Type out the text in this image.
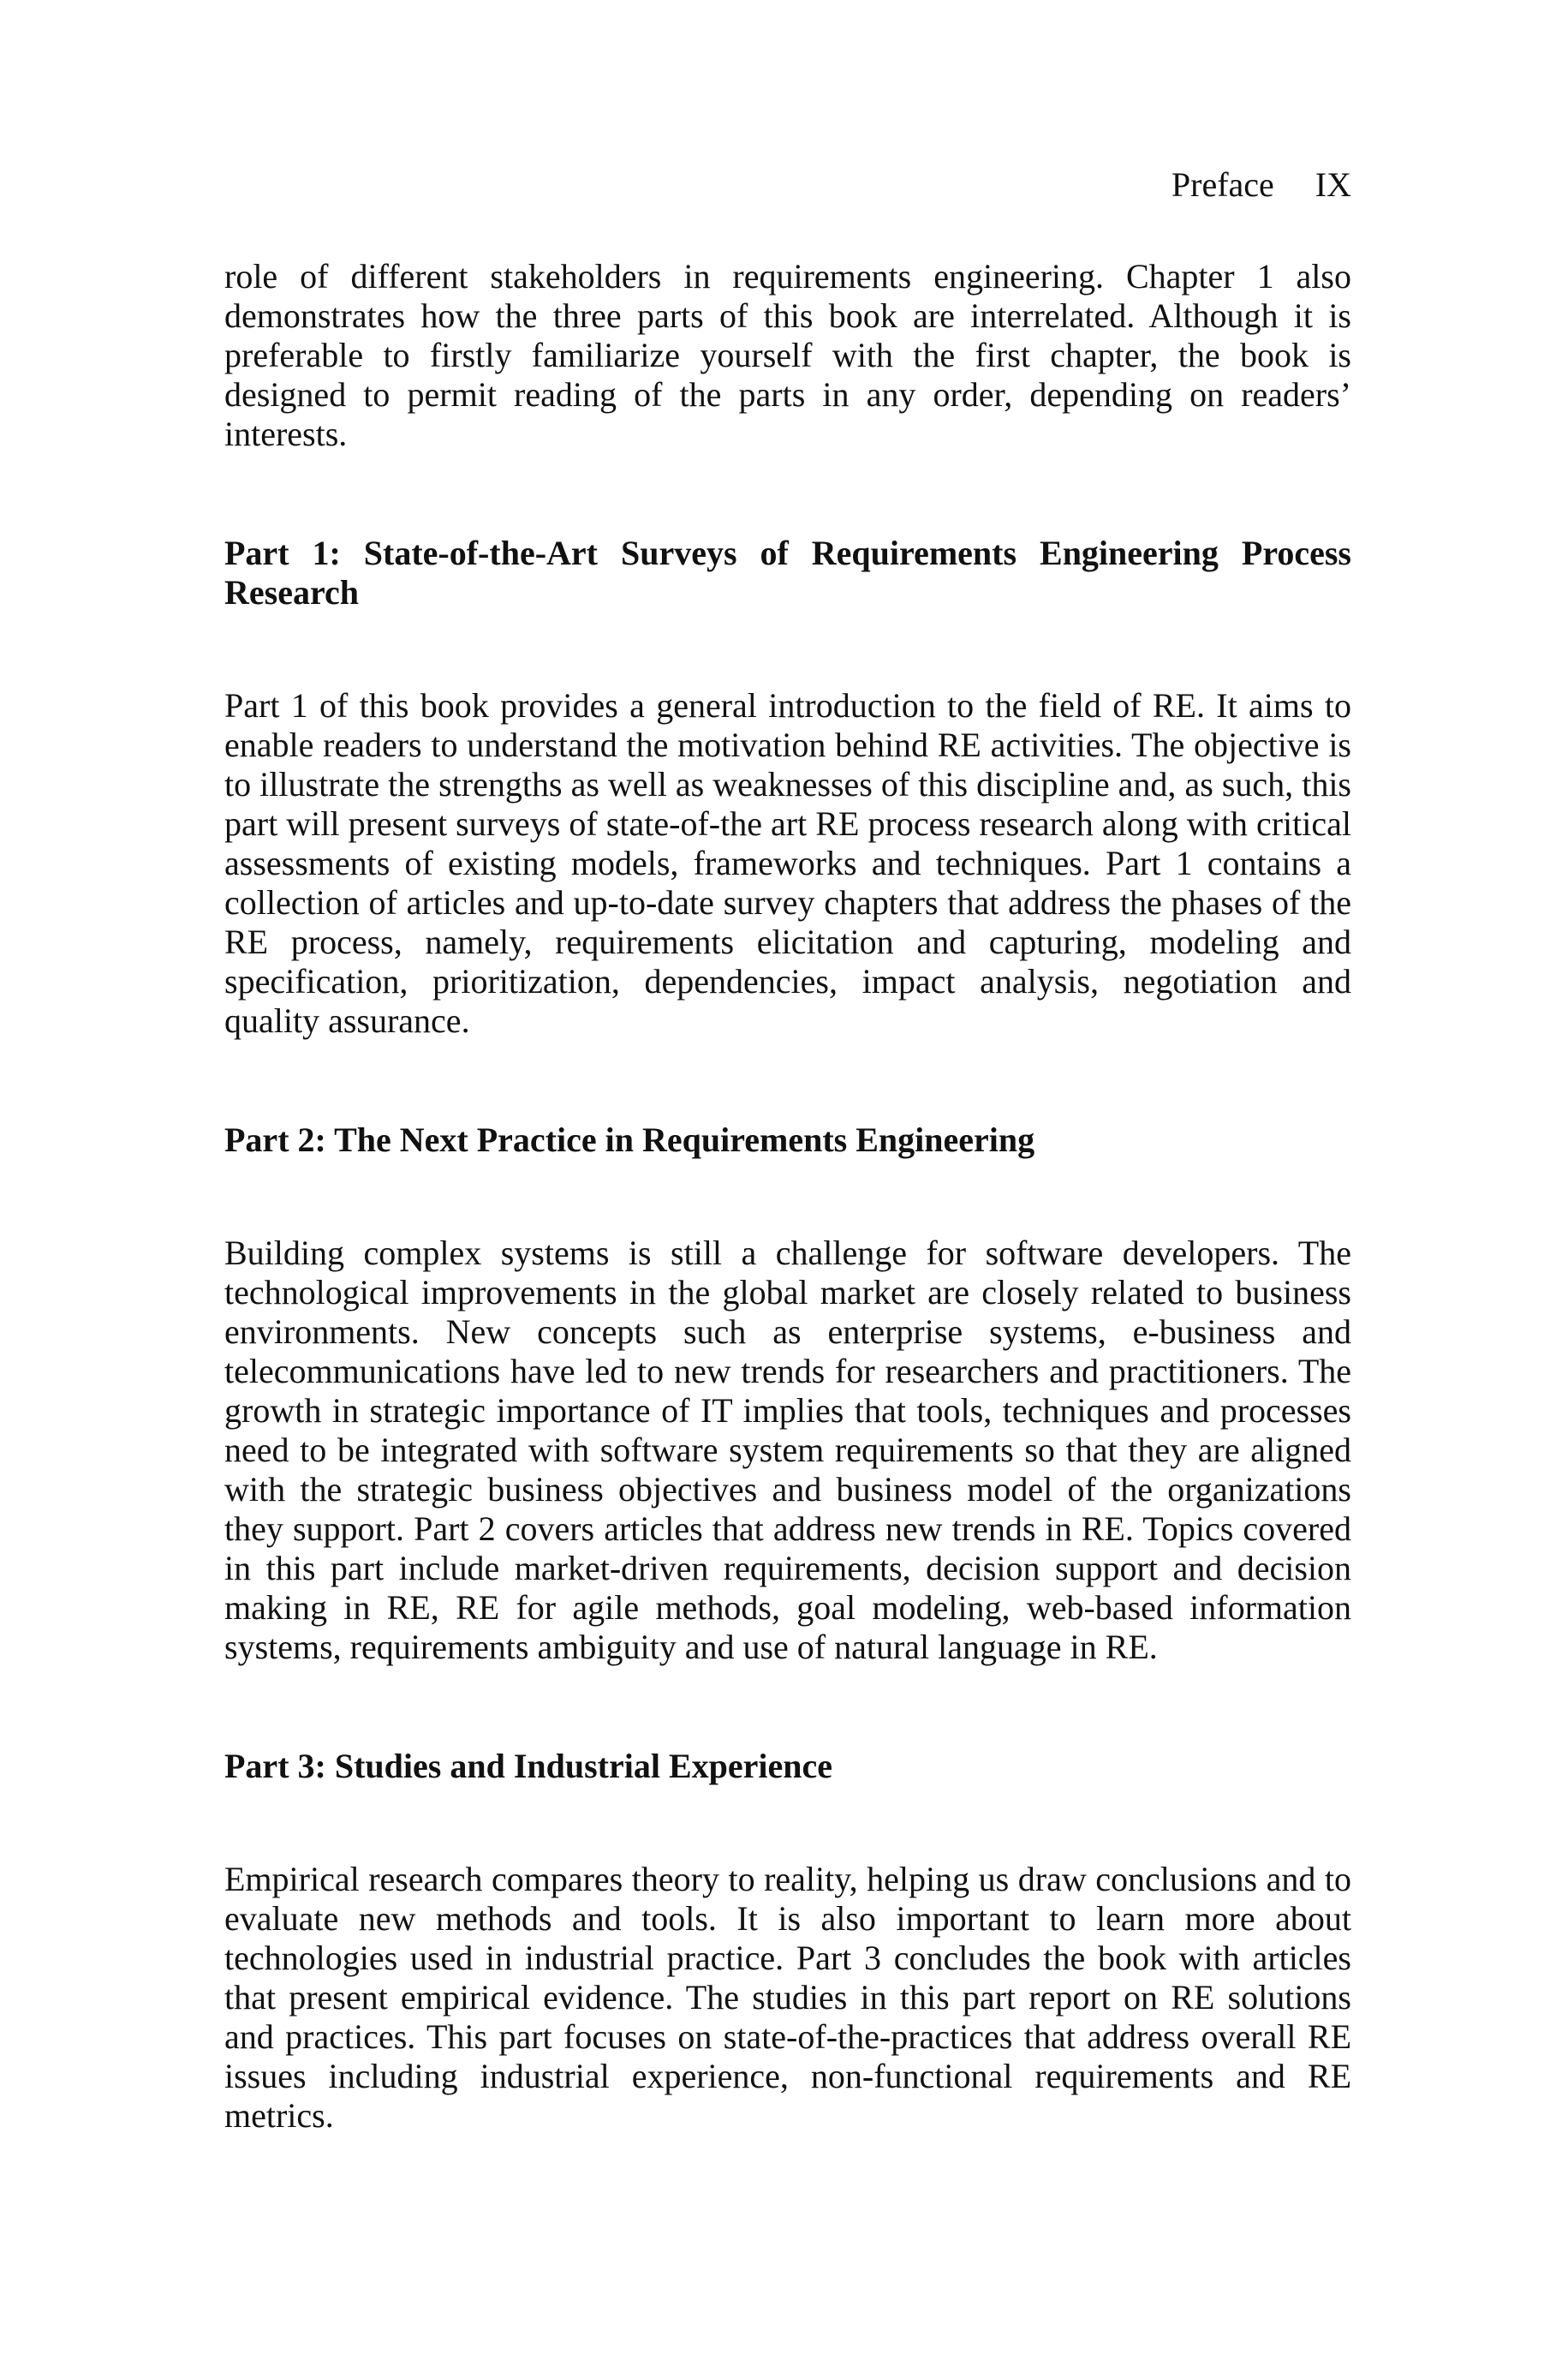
Preface IX

role of different stakeholders in requirements engineering. Chapter 1 also demonstrates how the three parts of this book are interrelated. Although it is preferable to firstly familiarize yourself with the first chapter, the book is designed to permit reading of the parts in any order, depending on readers’ interests.

Part 1: State-of-the-Art Surveys of Requirements Engineering Process Research

Part 1 of this book provides a general introduction to the field of RE. It aims to enable readers to understand the motivation behind RE activities. The objective is to illustrate the strengths as well as weaknesses of this discipline and, as such, this part will present surveys of state-of-the art RE process research along with critical assessments of existing models, frameworks and techniques. Part 1 contains a collection of articles and up-to-date survey chapters that address the phases of the RE process, namely, requirements elicitation and capturing, modeling and specification, prioritization, dependencies, impact analysis, negotiation and quality assurance.

Part 2: The Next Practice in Requirements Engineering

Building complex systems is still a challenge for software developers. The technological improvements in the global market are closely related to business environments. New concepts such as enterprise systems, e-business and telecommunications have led to new trends for researchers and practitioners. The growth in strategic importance of IT implies that tools, techniques and processes need to be integrated with software system requirements so that they are aligned with the strategic business objectives and business model of the organizations they support. Part 2 covers articles that address new trends in RE. Topics covered in this part include market-driven requirements, decision support and decision making in RE, RE for agile methods, goal modeling, web-based information systems, requirements ambiguity and use of natural language in RE.

Part 3: Studies and Industrial Experience

Empirical research compares theory to reality, helping us draw conclusions and to evaluate new methods and tools. It is also important to learn more about technologies used in industrial practice. Part 3 concludes the book with articles that present empirical evidence. The studies in this part report on RE solutions and practices. This part focuses on state-of-the-practices that address overall RE issues including industrial experience, non-functional requirements and RE metrics.
